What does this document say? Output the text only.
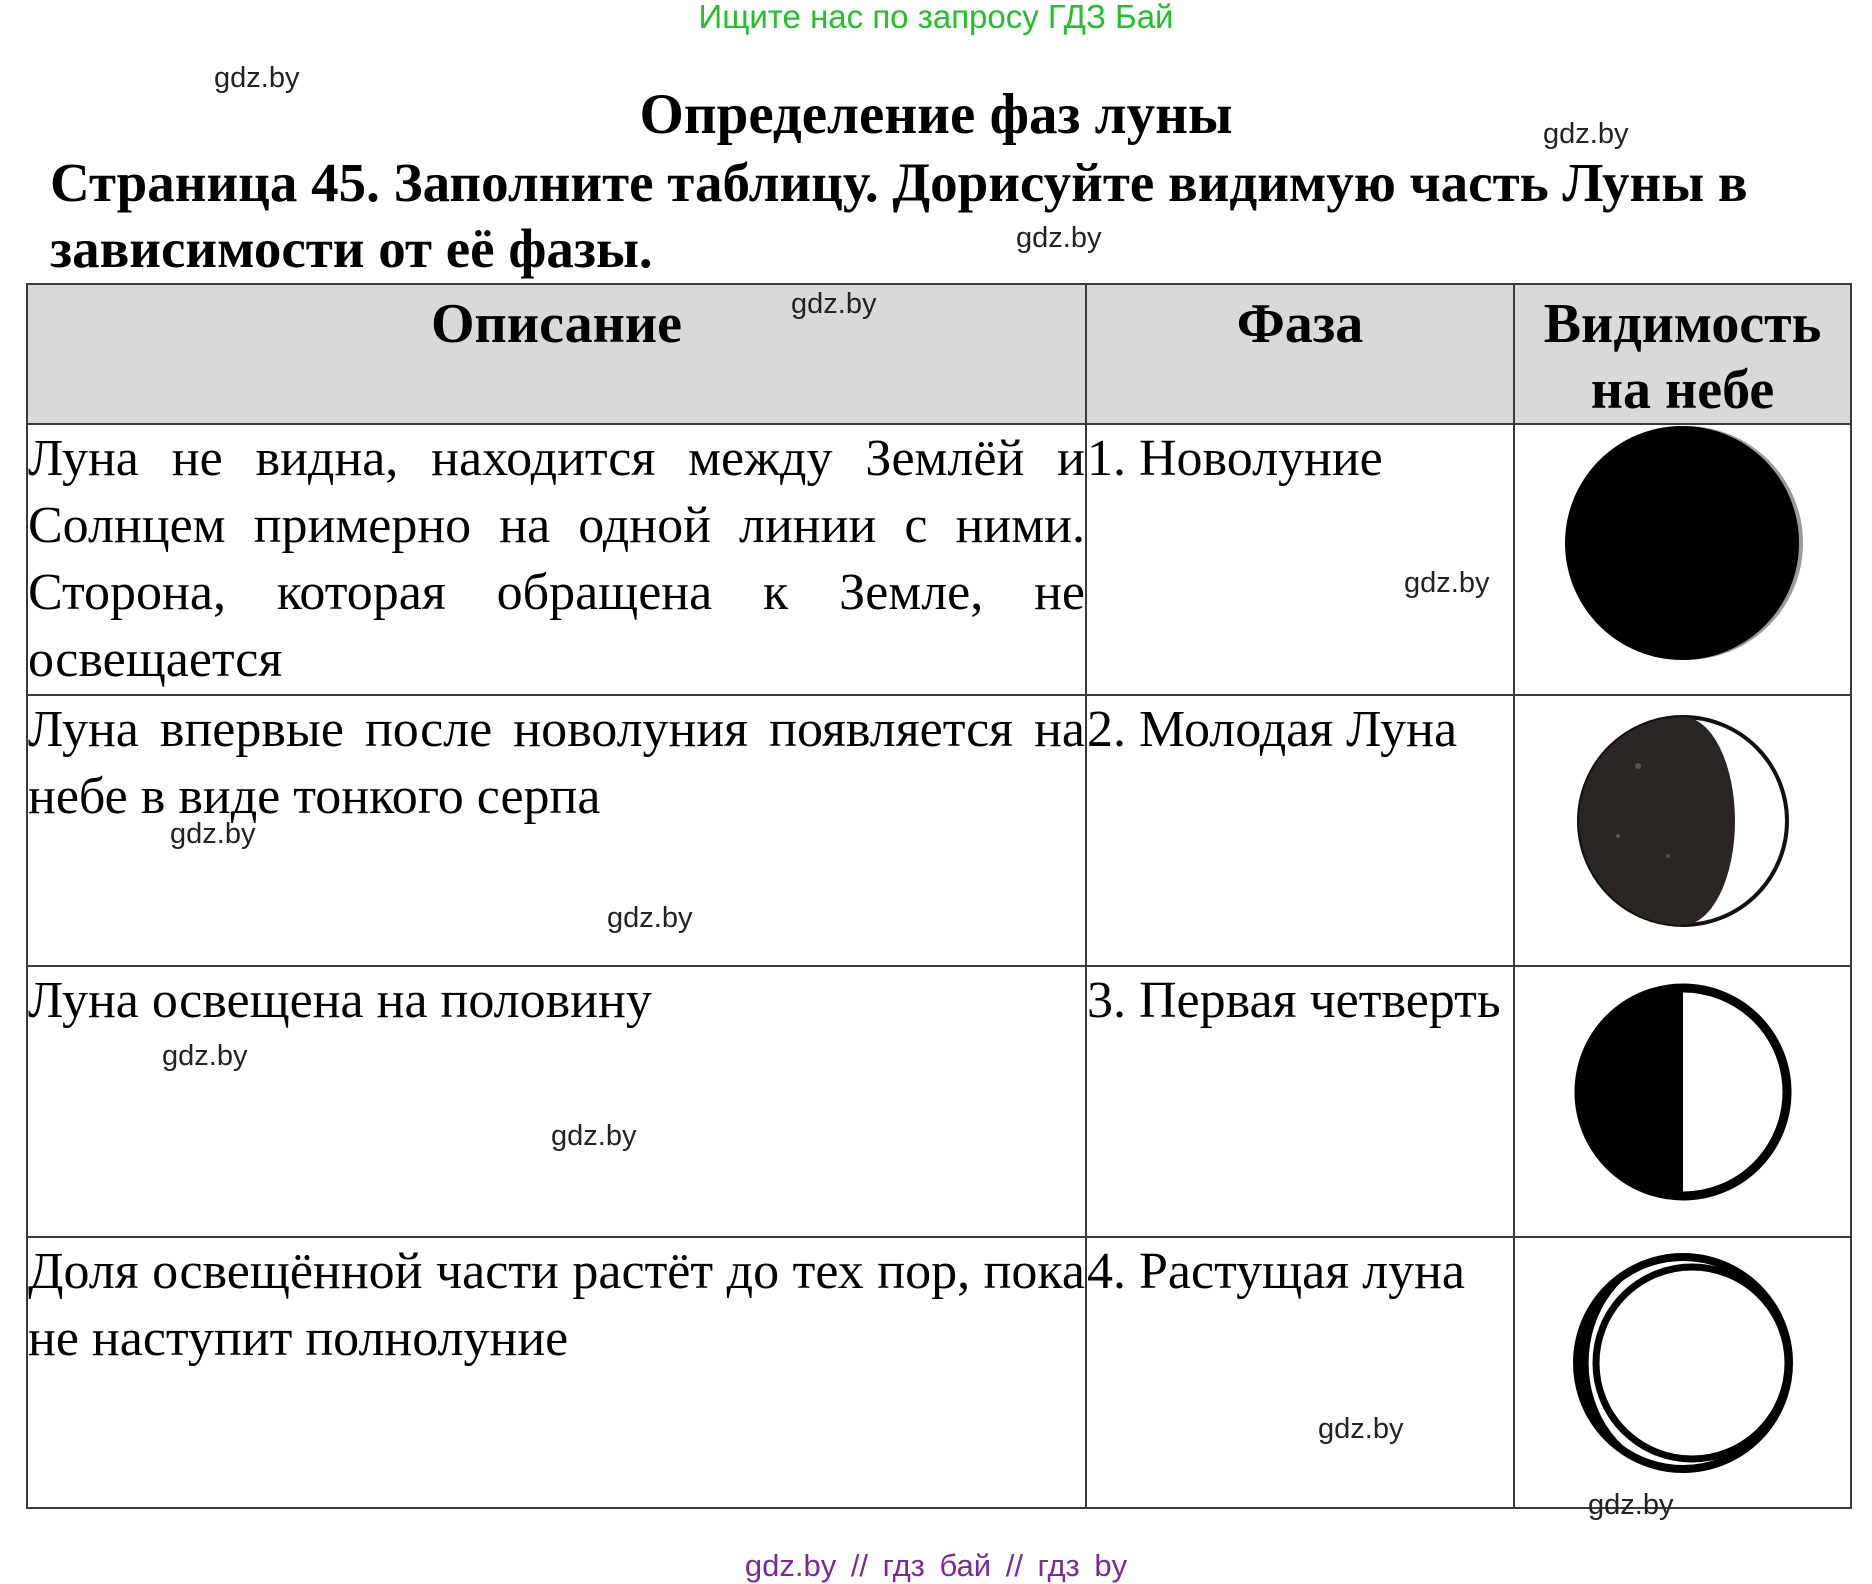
Ищите нас по запросу ГДЗ Бай
gdz.by
gdz.by
gdz.by
Определение фаз луны
Страница 45. Заполните таблицу. Дорисуйте видимую часть Луны в зависимости от её фазы.
Описание	Фаза	Видимость на небе
Луна не видна, находится между Землёй и Солнцем примерно на одной линии с ними. Сторона, которая обращена к Земле, не освещается	1. Новолуние	

Луна впервые после новолуния появляется на небе в виде тонкого серпа	2. Молодая Луна	

Луна освещена на половину	3. Первая четверть	

Доля освещённой части растёт до тех пор, пока не наступит полнолуние	4. Растущая луна	
gdz.by
gdz.by
gdz.by
gdz.by
gdz.by
gdz.by
gdz.by
gdz.by
gdz.by // гдз бай // гдз by
